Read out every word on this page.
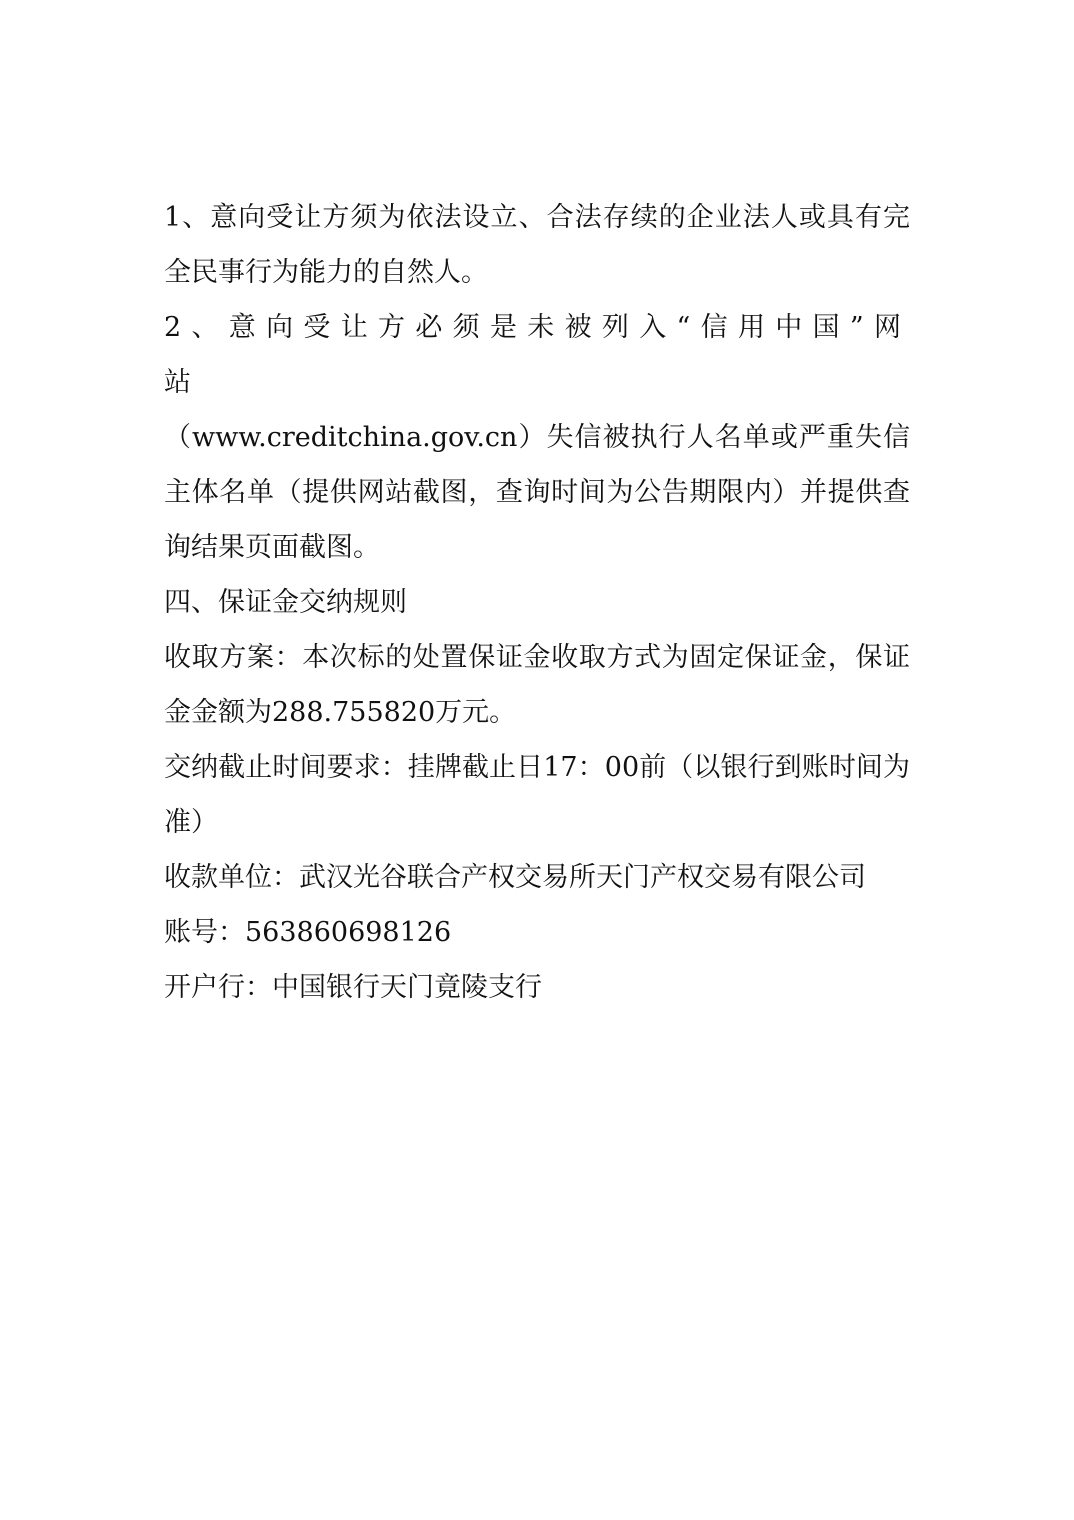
1、意向受让方须为依法设立、合法存续的企业法人或具有完全民事行为能力的自然人。

2、意向受让方必须是未被列入“信用中国”网站

（www.creditchina.gov.cn）失信被执行人名单或严重失信主体名单（提供网站截图，查询时间为公告期限内）并提供查询结果页面截图。

四、保证金交纳规则

收取方案：本次标的处置保证金收取方式为固定保证金，保证金金额为288.755820万元。

交纳截止时间要求：挂牌截止日17：00前（以银行到账时间为准）

收款单位：武汉光谷联合产权交易所天门产权交易有限公司

账号：563860698126

开户行：中国银行天门竟陵支行
